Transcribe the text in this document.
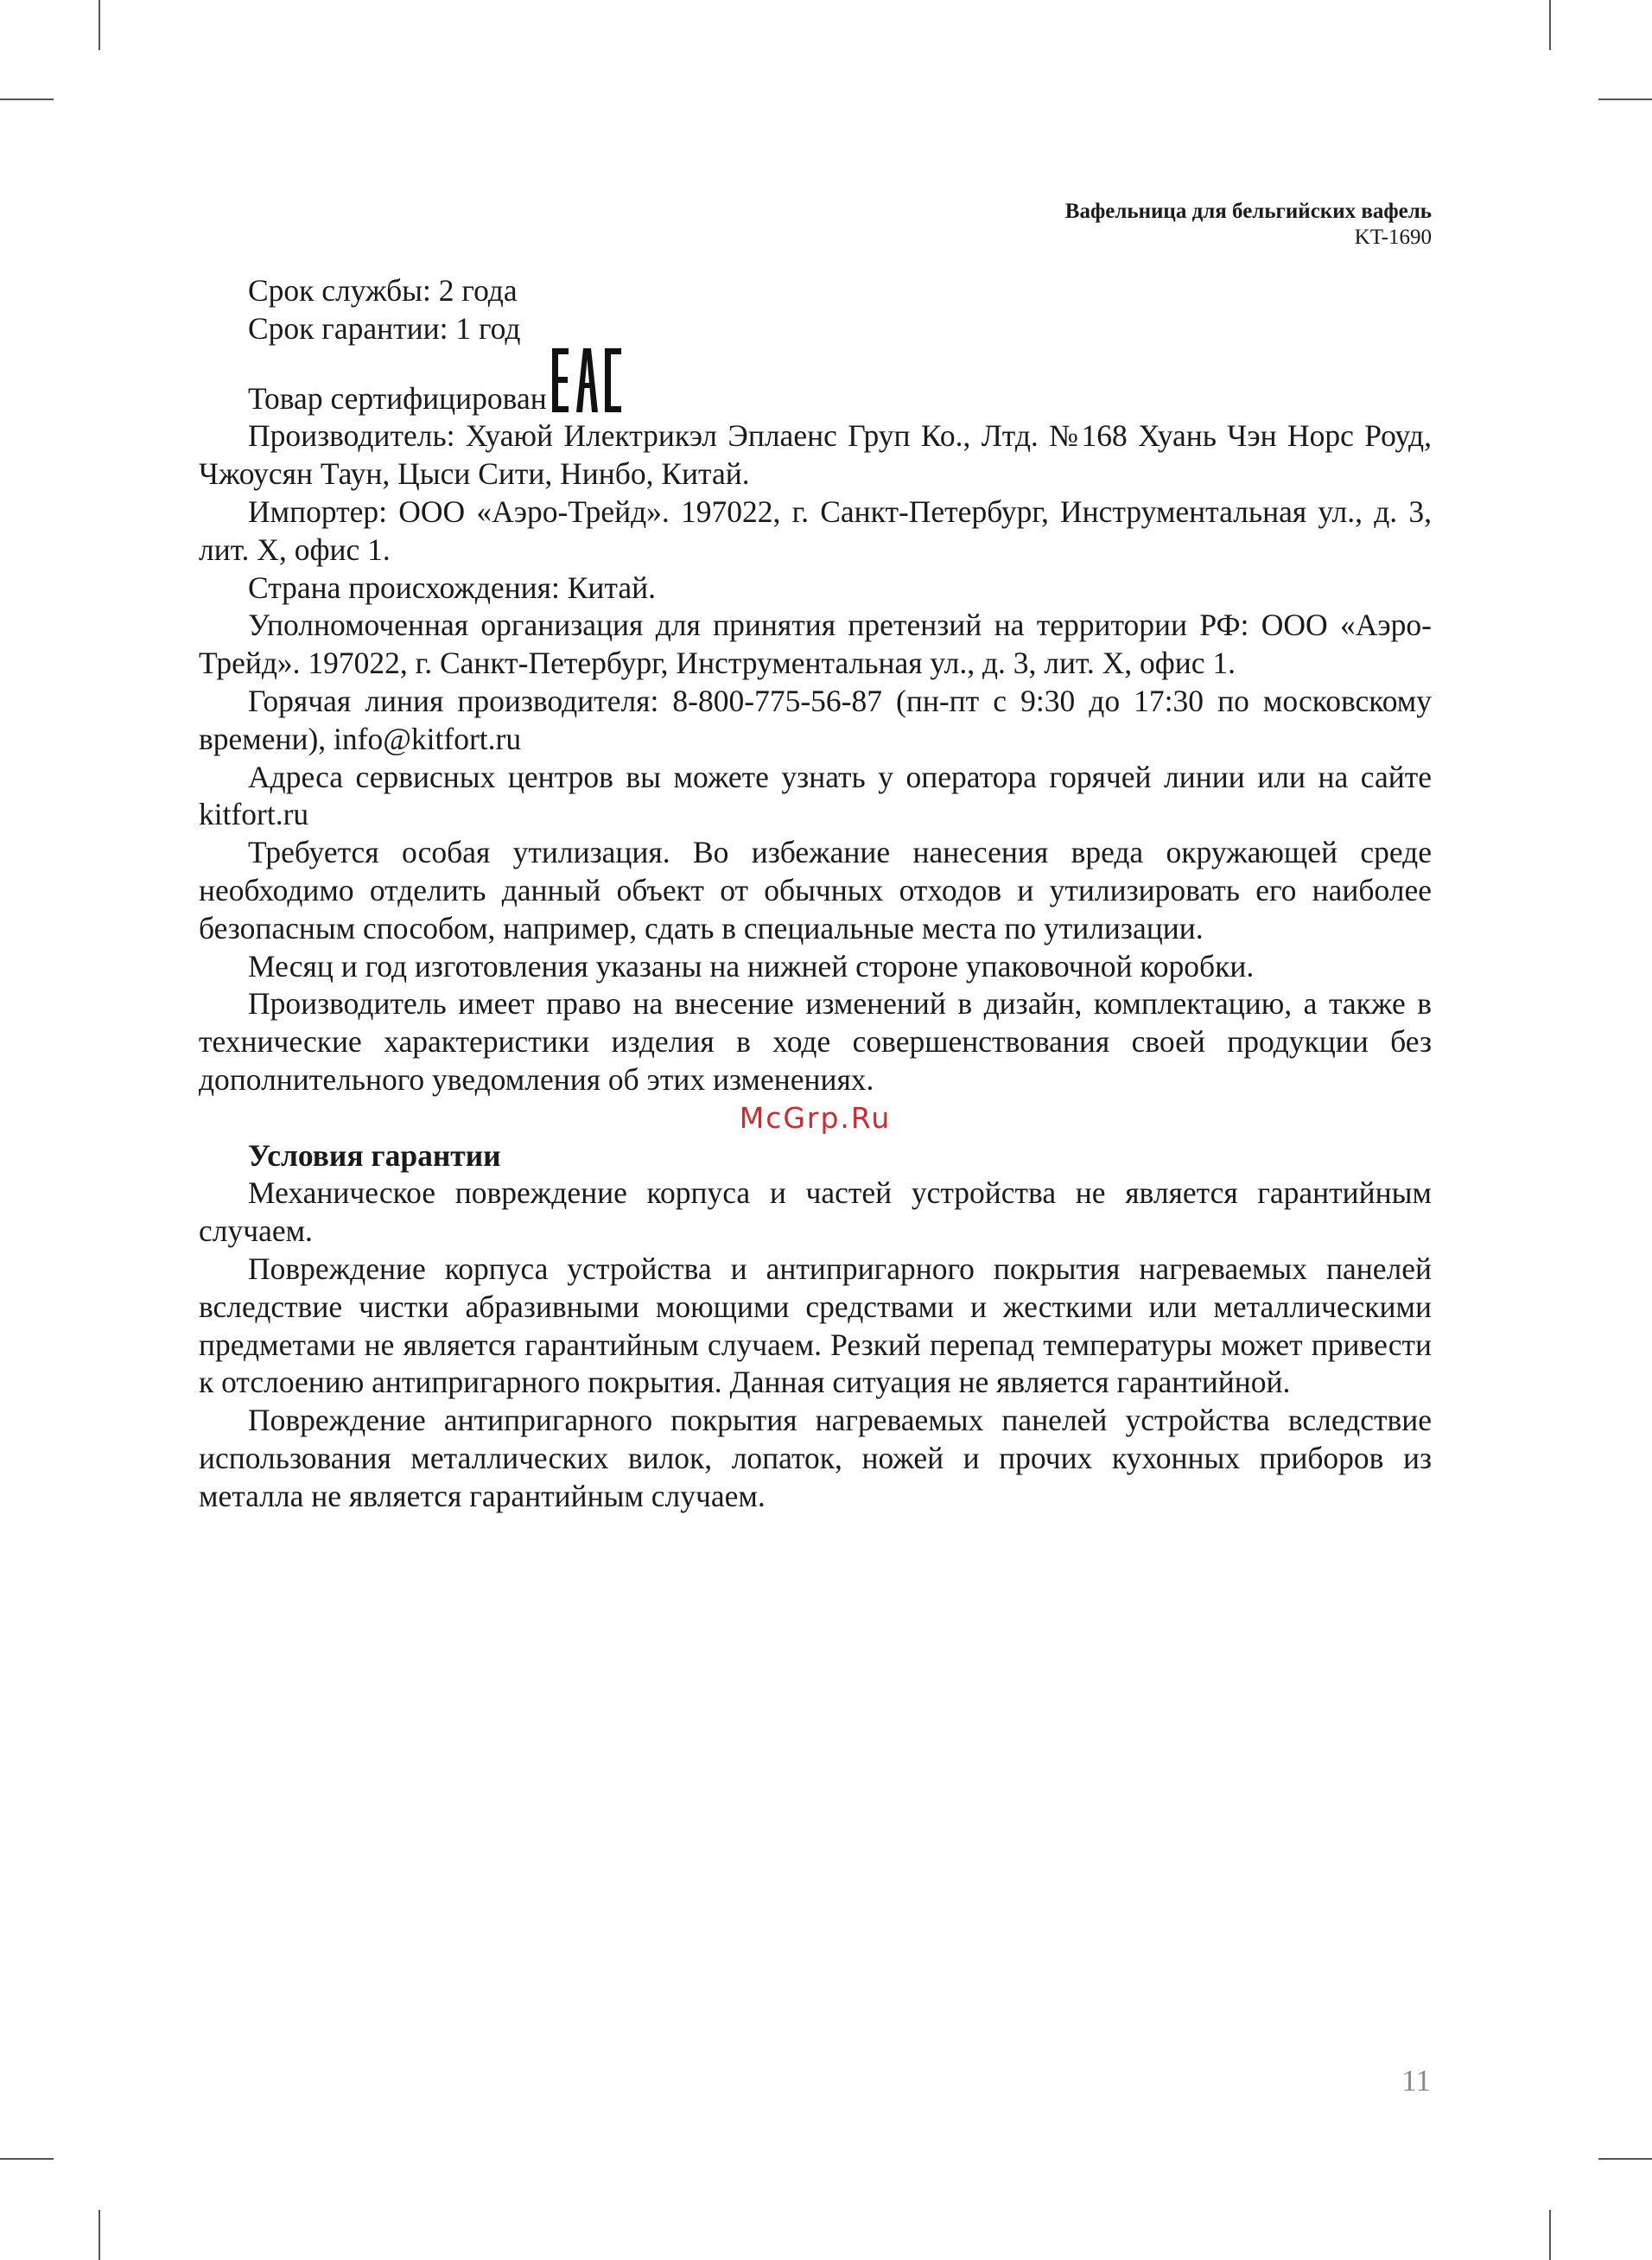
Вафельница для бельгийских вафель
KT-1690

Срок службы: 2 года

Срок гарантии: 1 год

Товар сертифицирован

Производитель: Хуаюй Илектрикэл Эплаенс Груп Ко., Лтд. №168 Хуань Чэн Норс Роуд, Чжоусян Таун, Цыси Сити, Нинбо, Китай.

Импортер: ООО «Аэро-Трейд». 197022, г. Санкт-Петербург, Инструментальная ул., д. 3, лит. Х, офис 1.

Страна происхождения: Китай.

Уполномоченная организация для принятия претензий на территории РФ: ООО «Аэро-Трейд». 197022, г. Санкт-Петербург, Инструментальная ул., д. 3, лит. Х, офис 1.

Горячая линия производителя: 8-800-775-56-87 (пн-пт с 9:30 до 17:30 по московскому времени), info@kitfort.ru

Адреса сервисных центров вы можете узнать у оператора горячей линии или на сайте kitfort.ru

Требуется особая утилизация. Во избежание нанесения вреда окружающей среде необходимо отделить данный объект от обычных отходов и утилизировать его наиболее безопасным способом, например, сдать в специальные места по утилизации.

Месяц и год изготовления указаны на нижней стороне упаковочной коробки.

Производитель имеет право на внесение изменений в дизайн, комплектацию, а также в технические характеристики изделия в ходе совершенствования своей продукции без дополнительного уведомления об этих изменениях.

McGrp.Ru

Условия гарантии

Механическое повреждение корпуса и частей устройства не является гарантийным случаем.

Повреждение корпуса устройства и антипригарного покрытия нагреваемых панелей вследствие чистки абразивными моющими средствами и жесткими или металлическими предметами не является гарантийным случаем. Резкий перепад температуры может привести к отслоению антипригарного покрытия. Данная ситуация не является гарантийной.

Повреждение антипригарного покрытия нагреваемых панелей устройства вследствие использования металлических вилок, лопаток, ножей и прочих кухонных приборов из металла не является гарантийным случаем.

11
